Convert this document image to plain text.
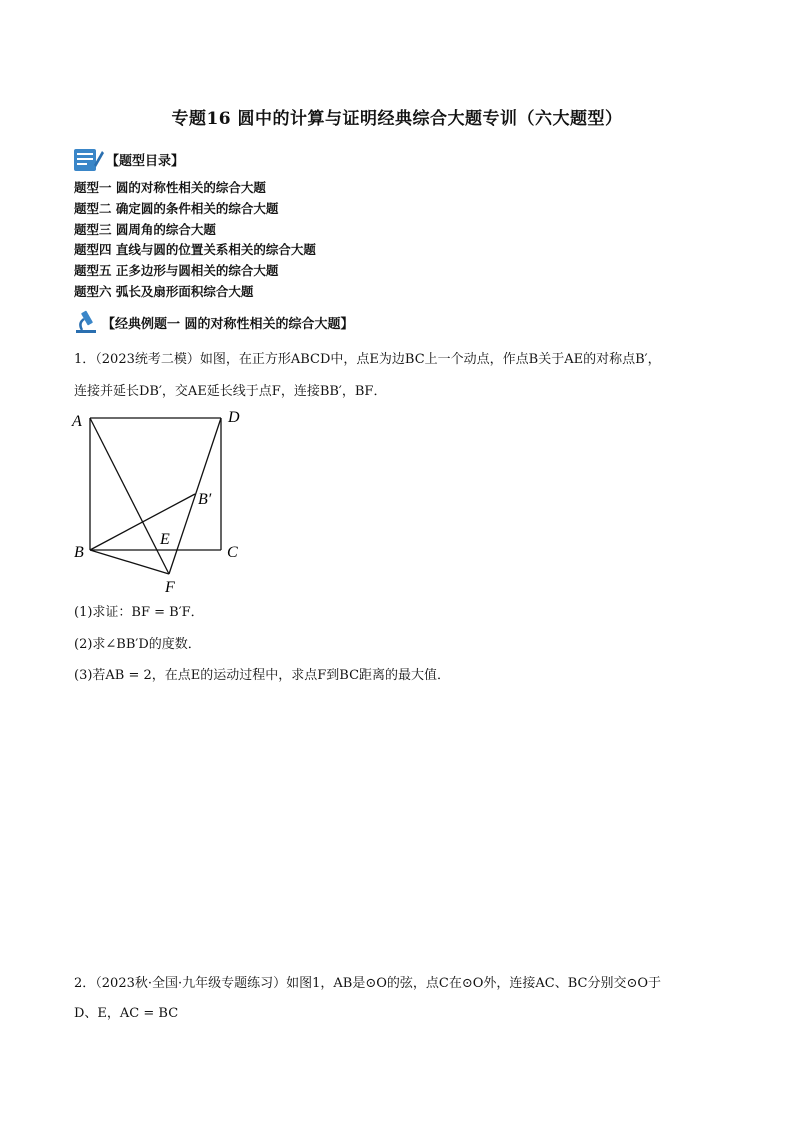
专题16 圆中的计算与证明经典综合大题专训（六大题型）
【题型目录】
题型一 圆的对称性相关的综合大题
题型二 确定圆的条件相关的综合大题
题型三 圆周角的综合大题
题型四 直线与圆的位置关系相关的综合大题
题型五 正多边形与圆相关的综合大题
题型六 弧长及扇形面积综合大题
【经典例题一 圆的对称性相关的综合大题】
1．（2023统考二模）如图，在正方形ABCD中，点E为边BC上一个动点，作点B关于AE的对称点B′，
连接并延长DB′，交AE延长线于点F，连接BB′，BF．
A	D
B	C
E
F
B′
(1)求证：BF = B′F．
(2)求∠BB′D的度数．
(3)若AB = 2，在点E的运动过程中，求点F到BC距离的最大值．
2．（2023秋·全国·九年级专题练习）如图1，AB是⊙O的弦，点C在⊙O外，连接AC、BC分别交⊙O于
D、E，AC = BC
